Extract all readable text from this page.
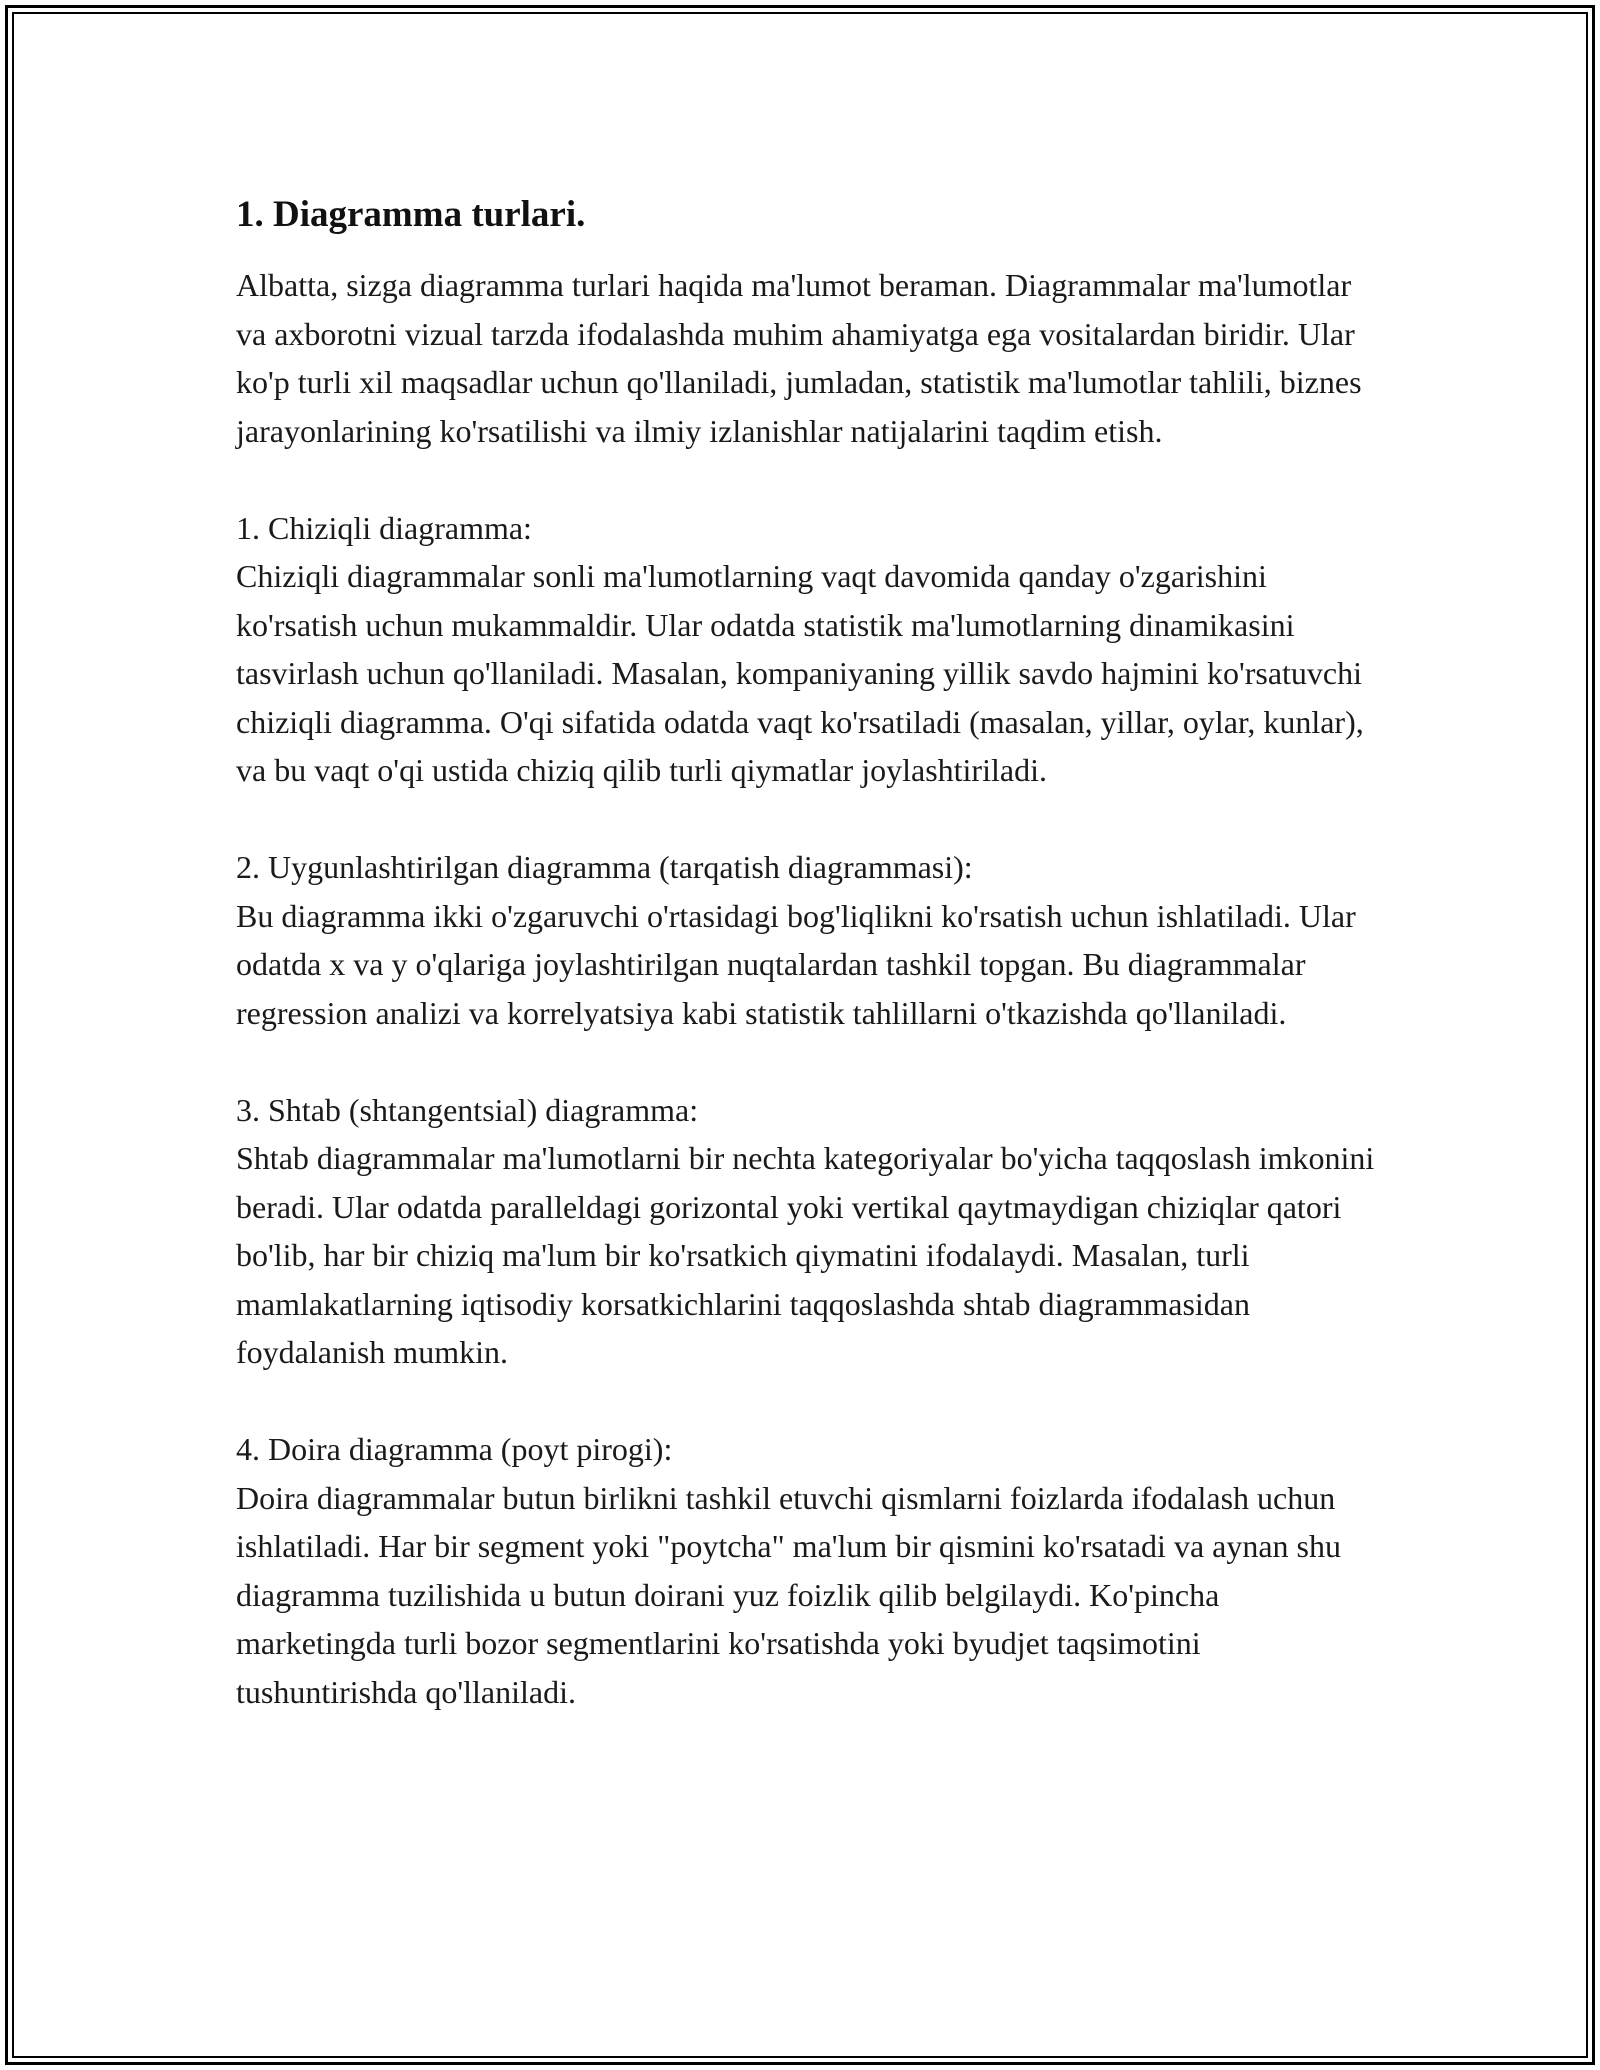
1. Diagramma turlari.

Albatta, sizga diagramma turlari haqida ma'lumot beraman. Diagrammalar ma'lumotlar va axborotni vizual tarzda ifodalashda muhim ahamiyatga ega vositalardan biridir. Ular ko'p turli xil maqsadlar uchun qo'llaniladi, jumladan, statistik ma'lumotlar tahlili, biznes jarayonlarining ko'rsatilishi va ilmiy izlanishlar natijalarini taqdim etish.

1. Chiziqli diagramma:

Chiziqli diagrammalar sonli ma'lumotlarning vaqt davomida qanday o'zgarishini ko'rsatish uchun mukammaldir. Ular odatda statistik ma'lumotlarning dinamikasini tasvirlash uchun qo'llaniladi. Masalan, kompaniyaning yillik savdo hajmini ko'rsatuvchi chiziqli diagramma. O'qi sifatida odatda vaqt ko'rsatiladi (masalan, yillar, oylar, kunlar), va bu vaqt o'qi ustida chiziq qilib turli qiymatlar joylashtiriladi.

2. Uygunlashtirilgan diagramma (tarqatish diagrammasi):

Bu diagramma ikki o'zgaruvchi o'rtasidagi bog'liqlikni ko'rsatish uchun ishlatiladi. Ular odatda x va y o'qlariga joylashtirilgan nuqtalardan tashkil topgan. Bu diagrammalar regression analizi va korrelyatsiya kabi statistik tahlillarni o'tkazishda qo'llaniladi.

3. Shtab (shtangentsial) diagramma:

Shtab diagrammalar ma'lumotlarni bir nechta kategoriyalar bo'yicha taqqoslash imkonini beradi. Ular odatda paralleldagi gorizontal yoki vertikal qaytmaydigan chiziqlar qatori bo'lib, har bir chiziq ma'lum bir ko'rsatkich qiymatini ifodalaydi. Masalan, turli mamlakatlarning iqtisodiy korsatkichlarini taqqoslashda shtab diagrammasidan foydalanish mumkin.

4. Doira diagramma (poyt pirogi):

Doira diagrammalar butun birlikni tashkil etuvchi qismlarni foizlarda ifodalash uchun ishlatiladi. Har bir segment yoki "poytcha" ma'lum bir qismini ko'rsatadi va aynan shu diagramma tuzilishida u butun doirani yuz foizlik qilib belgilaydi. Ko'pincha marketingda turli bozor segmentlarini ko'rsatishda yoki byudjet taqsimotini tushuntirishda qo'llaniladi.
